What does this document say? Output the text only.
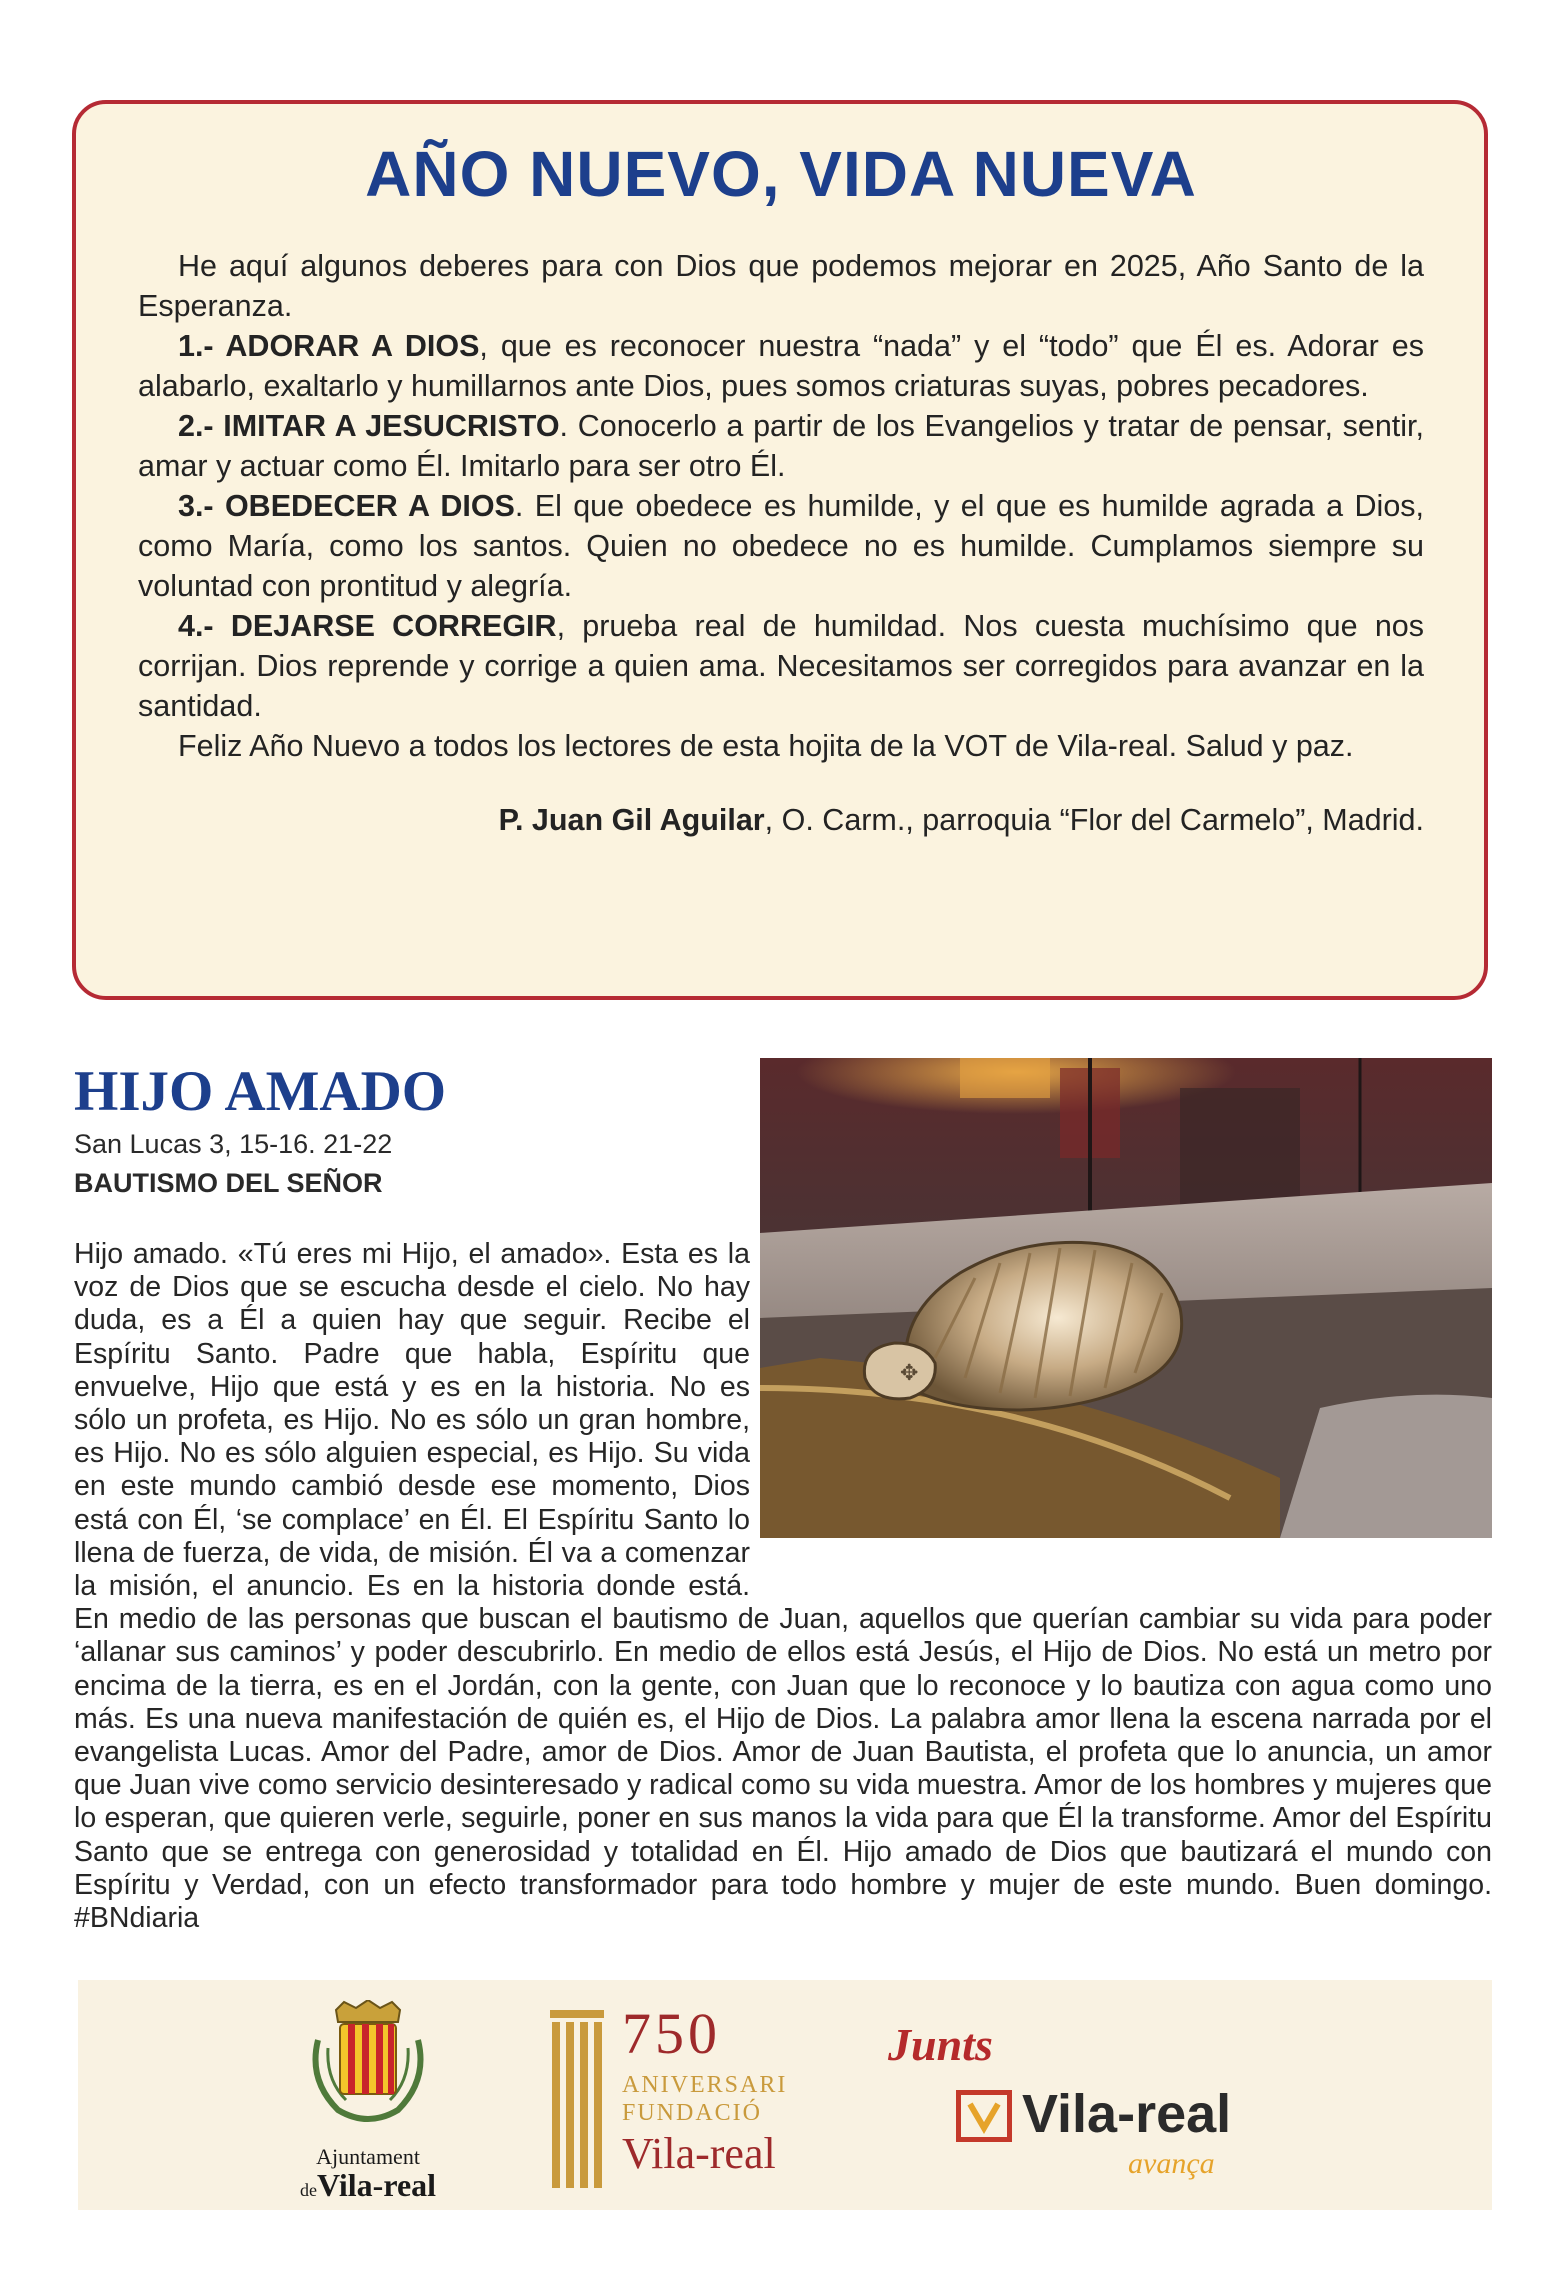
AÑO NUEVO, VIDA NUEVA

He aquí algunos deberes para con Dios que podemos mejorar en 2025, Año Santo de la Esperanza.

1.- ADORAR A DIOS, que es reconocer nuestra “nada” y el “todo” que Él es. Adorar es alabarlo, exaltarlo y humillarnos ante Dios, pues somos criaturas suyas, pobres pecadores.

2.- IMITAR A JESUCRISTO. Conocerlo a partir de los Evangelios y tratar de pensar, sentir, amar y actuar como Él. Imitarlo para ser otro Él.

3.- OBEDECER A DIOS. El que obedece es humilde, y el que es humilde agrada a Dios, como María, como los santos. Quien no obedece no es humilde. Cumplamos siempre su voluntad con prontitud y alegría.

4.- DEJARSE CORREGIR, prueba real de humildad. Nos cuesta muchísimo que nos corrijan. Dios reprende y corrige a quien ama. Necesitamos ser corregidos para avanzar en la santidad.

Feliz Año Nuevo a todos los lectores de esta hojita de la VOT de Vila-real. Salud y paz.

P. Juan Gil Aguilar, O. Carm., parroquia “Flor del Carmelo”, Madrid.

HIJO AMADO
San Lucas 3, 15-16. 21-22
BAUTISMO DEL SEÑOR
✥
Hijo amado. «Tú eres mi Hijo, el amado». Esta es la voz de Dios que se escucha desde el cielo. No hay duda, es a Él a quien hay que seguir. Recibe el Espíritu Santo. Padre que habla, Espíritu que envuelve, Hijo que está y es en la historia. No es sólo un profeta, es Hijo. No es sólo un gran hombre, es Hijo. No es sólo alguien especial, es Hijo. Su vida en este mundo cambió desde ese momento, Dios está con Él, ‘se complace’ en Él. El Espíritu Santo lo llena de fuerza, de vida, de misión. Él va a comenzar la misión, el anuncio. Es en la historia donde está. En medio de las personas que buscan el bautismo de Juan, aquellos que querían cambiar su vida para poder ‘allanar sus caminos’ y poder descubrirlo. En medio de ellos está Jesús, el Hijo de Dios. No está un metro por encima de la tierra, es en el Jordán, con la gente, con Juan que lo reconoce y lo bautiza con agua como uno más. Es una nueva manifestación de quién es, el Hijo de Dios. La palabra amor llena la escena narrada por el evangelista Lucas. Amor del Padre, amor de Dios. Amor de Juan Bautista, el profeta que lo anuncia, un amor que Juan vive como servicio desinteresado y radical como su vida muestra. Amor de los hombres y mujeres que lo esperan, que quieren verle, seguirle, poner en sus manos la vida para que Él la transforme. Amor del Espíritu Santo que se entrega con generosidad y totalidad en Él. Hijo amado de Dios que bautizará el mundo con Espíritu y Verdad, con un efecto transformador para todo hombre y mujer de este mundo. Buen domingo. #BNdiaria
Ajuntament
deVila-real
750
ANIVERSARI
FUNDACIÓ
Vila-real
Junts
Vila-real
avança
